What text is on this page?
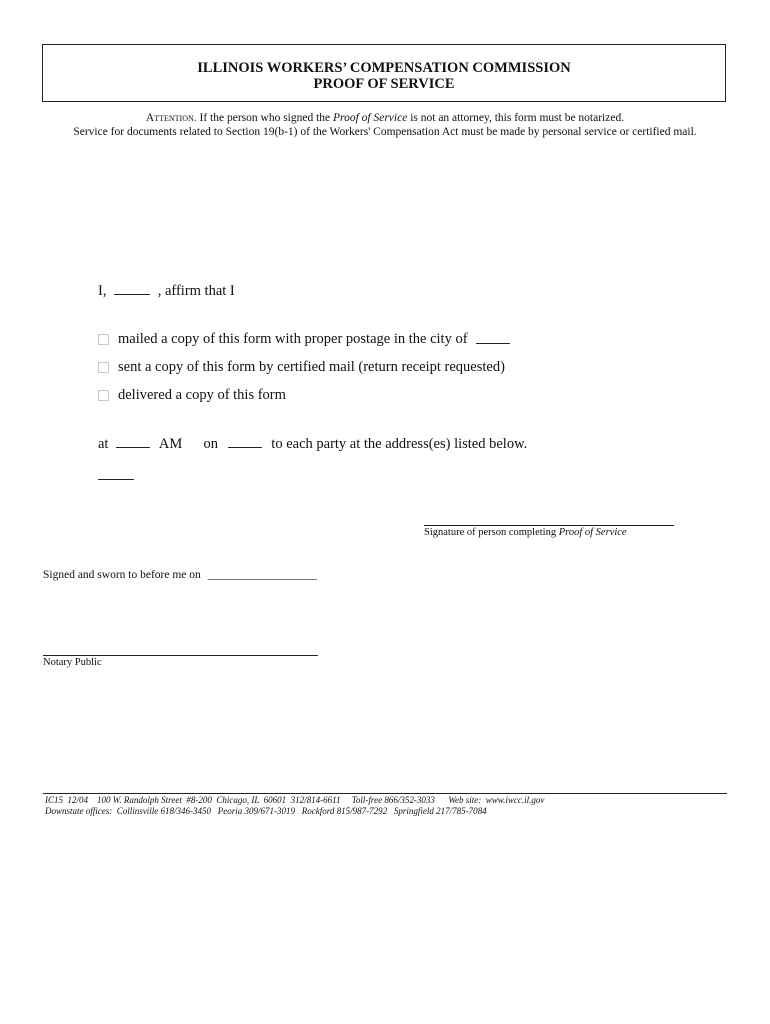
ILLINOIS WORKERS’ COMPENSATION COMMISSION
PROOF OF SERVICE
Attention. If the person who signed the Proof of Service is not an attorney, this form must be notarized.
Service for documents related to Section 19(b-1) of the Workers' Compensation Act must be made by personal service or certified mail.
I,	, affirm that I
mailed a copy of this form with proper postage in the city of
sent a copy of this form by certified mail (return receipt requested)
delivered a copy of this form
at	AM on	to each party at the address(es) listed below.
Signature of person completing Proof of Service
Signed and sworn to before me on ___________________
Notary Public
IC15  12/04    100 W. Randolph Street  #8-200  Chicago, IL  60601  312/814-6611     Toll-free 866/352-3033      Web site:  www.iwcc.il.gov
Downstate offices:  Collinsville 618/346-3450   Peoria 309/671-3019   Rockford 815/987-7292   Springfield 217/785-7084
